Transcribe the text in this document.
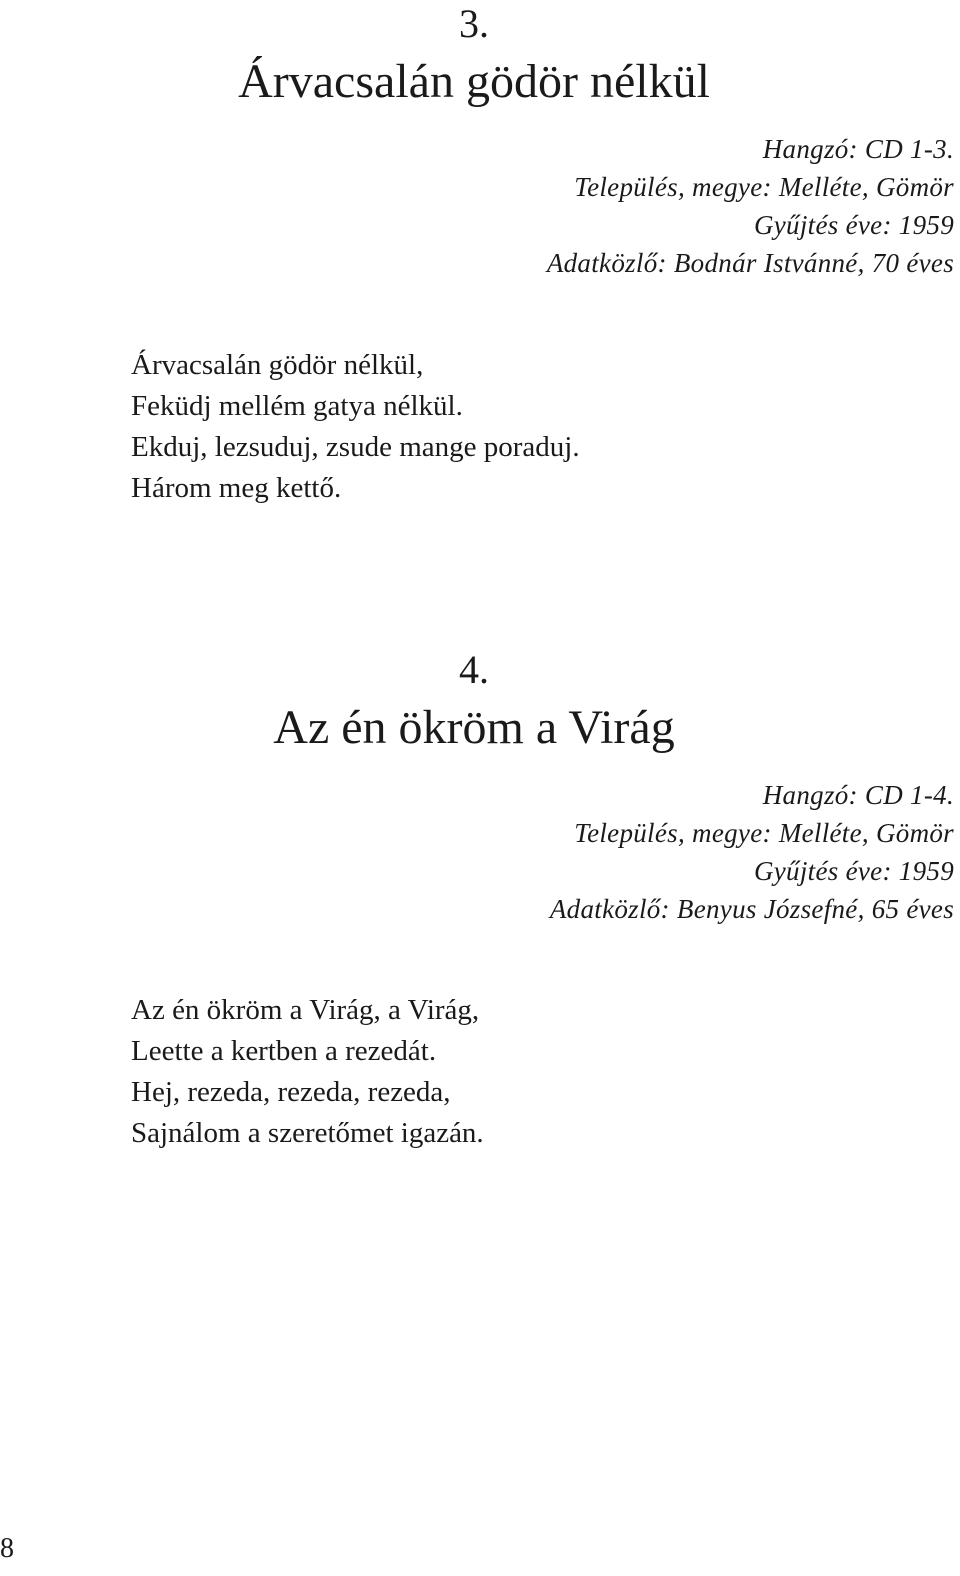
3.
Árvacsalán gödör nélkül
Hangzó: CD 1-3.
Település, megye: Melléte, Gömör
Gyűjtés éve: 1959
Adatközlő: Bodnár Istvánné, 70 éves
Árvacsalán gödör nélkül,
Feküdj mellém gatya nélkül.
Ekduj, lezsuduj, zsude mange poraduj.
Három meg kettő.
4.
Az én ökröm a Virág
Hangzó: CD 1-4.
Település, megye: Melléte, Gömör
Gyűjtés éve: 1959
Adatközlő: Benyus Józsefné, 65 éves
Az én ökröm a Virág, a Virág,
Leette a kertben a rezedát.
Hej, rezeda, rezeda, rezeda,
Sajnálom a szeretőmet igazán.
8
